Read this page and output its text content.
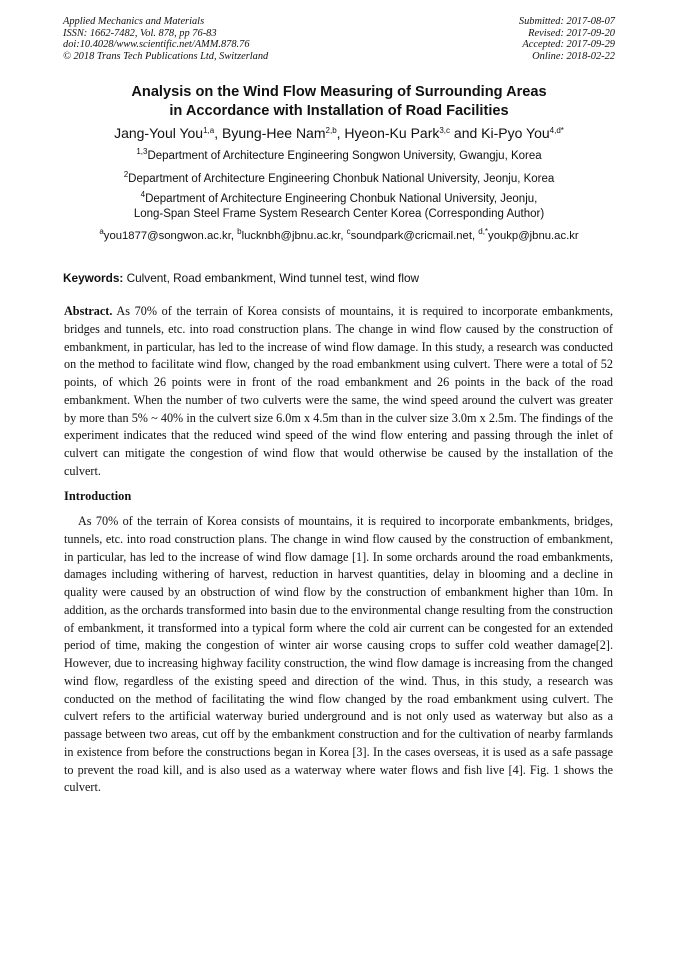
Applied Mechanics and Materials
ISSN: 1662-7482, Vol. 878, pp 76-83
doi:10.4028/www.scientific.net/AMM.878.76
© 2018 Trans Tech Publications Ltd, Switzerland
Submitted: 2017-08-07
Revised: 2017-09-20
Accepted: 2017-09-29
Online: 2018-02-22
Analysis on the Wind Flow Measuring of Surrounding Areas
in Accordance with Installation of Road Facilities
Jang-Youl You$^{1,a}$, Byung-Hee Nam$^{2,b}$, Hyeon-Ku Park$^{3,c}$ and Ki-Pyo You$^{4,d*}$
$^{1,3}$Department of Architecture Engineering Songwon University, Gwangju, Korea
$^2$Department of Architecture Engineering Chonbuk National University, Jeonju, Korea
$^4$Department of Architecture Engineering Chonbuk National University, Jeonju,
Long-Span Steel Frame System Research Center Korea (Corresponding Author)
$^a$you1877@songwon.ac.kr, $^b$lucknbh@jbnu.ac.kr, $^c$soundpark@cricmail.net, $^{d,*}$youkp@jbnu.ac.kr
Keywords: Culvent, Road embankment, Wind tunnel test, wind flow
Abstract. As 70% of the terrain of Korea consists of mountains, it is required to incorporate embankments, bridges and tunnels, etc. into road construction plans. The change in wind flow caused by the construction of embankment, in particular, has led to the increase of wind flow damage. In this study, a research was conducted on the method to facilitate wind flow, changed by the road embankment using culvert. There were a total of 52 points, of which 26 points were in front of the road embankment and 26 points in the back of the road embankment. When the number of two culverts were the same, the wind speed around the culvert was greater by more than 5% ~ 40% in the culvert size 6.0m x 4.5m than in the culver size 3.0m x 2.5m. The findings of the experiment indicates that the reduced wind speed of the wind flow entering and passing through the inlet of culvert can mitigate the congestion of wind flow that would otherwise be caused by the installation of the culvert.
Introduction
As 70% of the terrain of Korea consists of mountains, it is required to incorporate embankments, bridges, tunnels, etc. into road construction plans. The change in wind flow caused by the construction of embankment, in particular, has led to the increase of wind flow damage [1]. In some orchards around the road embankments, damages including withering of harvest, reduction in harvest quantities, delay in blooming and a decline in quality were caused by an obstruction of wind flow by the construction of embankment higher than 10m. In addition, as the orchards transformed into basin due to the environmental change resulting from the construction of embankment, it transformed into a typical form where the cold air current can be congested for an extended period of time, making the congestion of winter air worse causing crops to suffer cold weather damage[2]. However, due to increasing highway facility construction, the wind flow damage is increasing from the changed wind flow, regardless of the existing speed and direction of the wind. Thus, in this study, a research was conducted on the method of facilitating the wind flow changed by the road embankment using culvert. The culvert refers to the artificial waterway buried underground and is not only used as waterway but also as a passage between two areas, cut off by the embankment construction and for the cultivation of nearby farmlands in existence from before the constructions began in Korea [3]. In the cases overseas, it is used as a safe passage to prevent the road kill, and is also used as a waterway where water flows and fish live [4]. Fig. 1 shows the culvert.
